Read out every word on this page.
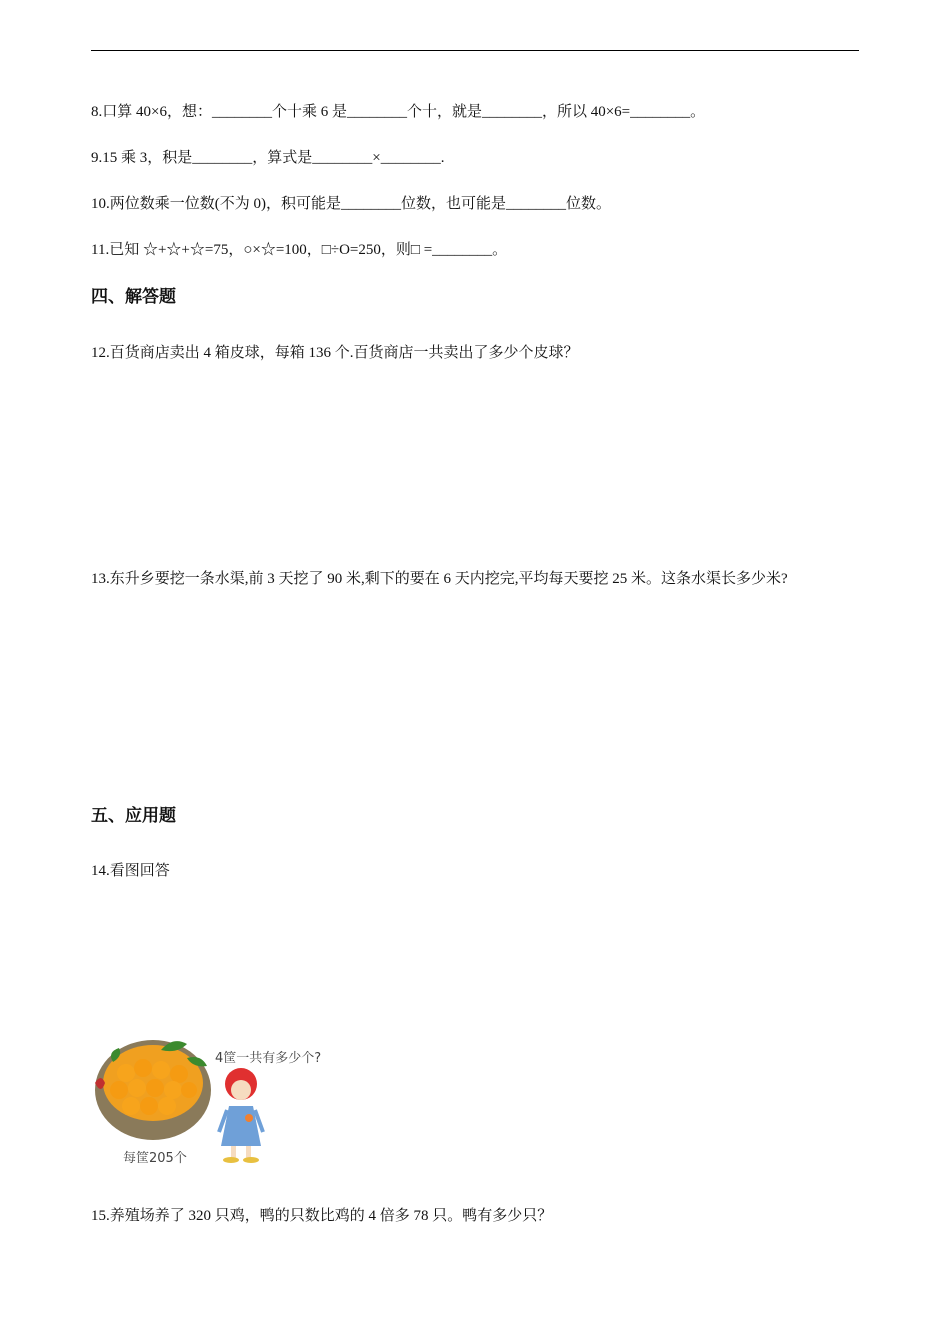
8.口算 40×6，想：________个十乘 6 是________个十，就是________，所以 40×6=________。
9.15 乘 3，积是________，算式是________×________.
10.两位数乘一位数(不为 0)，积可能是________位数，也可能是________位数。
11.已知 ☆+☆+☆=75，○×☆=100，□÷O=250，则□ =________。
四、解答题
12.百货商店卖出 4 箱皮球，每箱 136 个.百货商店一共卖出了多少个皮球？
13.东升乡要挖一条水渠,前 3 天挖了 90 米,剩下的要在 6 天内挖完,平均每天要挖 25 米。这条水渠长多少米?
五、应用题
14.看图回答
每筐205个
4筐一共有多少个?
15.养殖场养了 320 只鸡，鸭的只数比鸡的 4 倍多 78 只。鸭有多少只？
